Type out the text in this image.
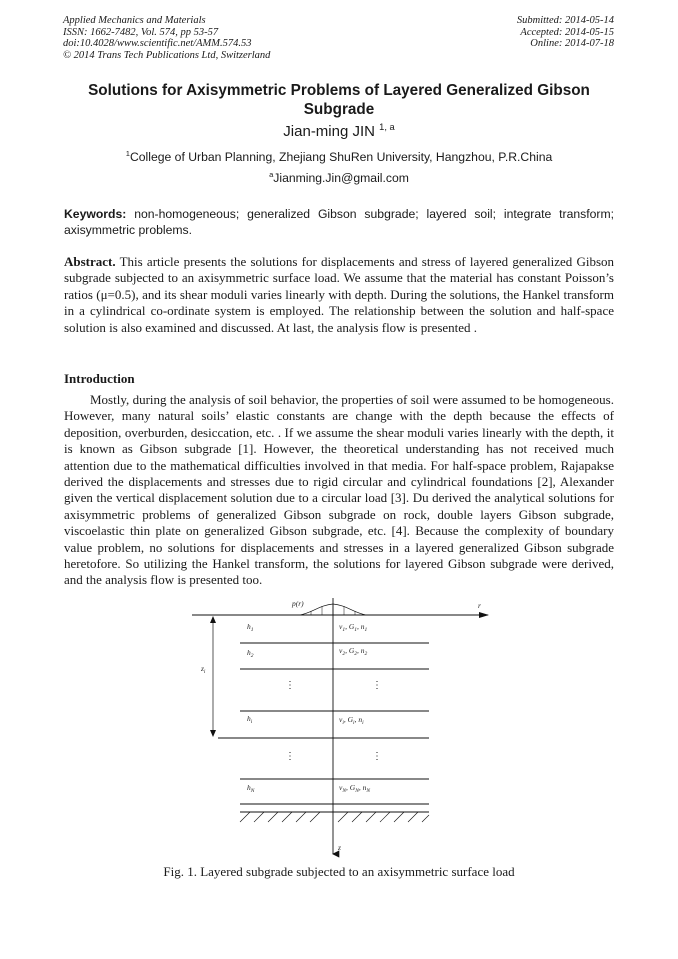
Applied Mechanics and Materials
ISSN: 1662-7482, Vol. 574, pp 53-57
doi:10.4028/www.scientific.net/AMM.574.53
© 2014 Trans Tech Publications Ltd, Switzerland
Submitted: 2014-05-14
Accepted: 2014-05-15
Online: 2014-07-18
Solutions for Axisymmetric Problems of Layered Generalized Gibson Subgrade
Jian-ming JIN $^{1, a}$
$^1$College of Urban Planning, Zhejiang ShuRen University, Hangzhou, P.R.China
$^a$Jianming.Jin@gmail.com
Keywords: non-homogeneous; generalized Gibson subgrade; layered soil; integrate transform; axisymmetric problems.
Abstract. This article presents the solutions for displacements and stress of layered generalized Gibson subgrade subjected to an axisymmetric surface load. We assume that the material has constant Poisson’s ratios (μ=0.5), and its shear moduli varies linearly with depth. During the solutions, the Hankel transform in a cylindrical co-ordinate system is employed. The relationship between the solution and half-space solution is also examined and discussed. At last, the analysis flow is presented .
Introduction
Mostly, during the analysis of soil behavior, the properties of soil were assumed to be homogeneous. However, many natural soils’ elastic constants are change with the depth because the effects of deposition, overburden, desiccation, etc. . If we assume the shear moduli varies linearly with the depth, it is known as Gibson subgrade [1]. However, the theoretical understanding has not received much attention due to the mathematical difficulties involved in that media. For half-space problem, Rajapakse derived the displacements and stresses due to rigid circular and cylindrical foundations [2], Alexander given the vertical displacement solution due to a circular load [3]. Du derived the analytical solutions for axisymmetric problems of generalized Gibson subgrade on rock, double layers Gibson subgrade, viscoelastic thin plate on generalized Gibson subgrade, etc. [4]. Because the complexity of boundary value problem, no solutions for displacements and stresses in a layered generalized Gibson subgrade heretofore. So utilizing the Hankel transform, the solutions for layered Gibson subgrade were derived, and the analysis flow is presented too.
p(r)	r
z
$z_i$
$h_1$
$h_2$
$h_i$
$h_N$
$\nu_1$, $G_1$, $n_1$
$\nu_2$, $G_2$, $n_2$
$\nu_i$, $G_i$, $n_i$
$\nu_N$, $G_N$, $n_N$
⋮	⋮
⋮	⋮
Fig. 1. Layered subgrade subjected to an axisymmetric surface load
